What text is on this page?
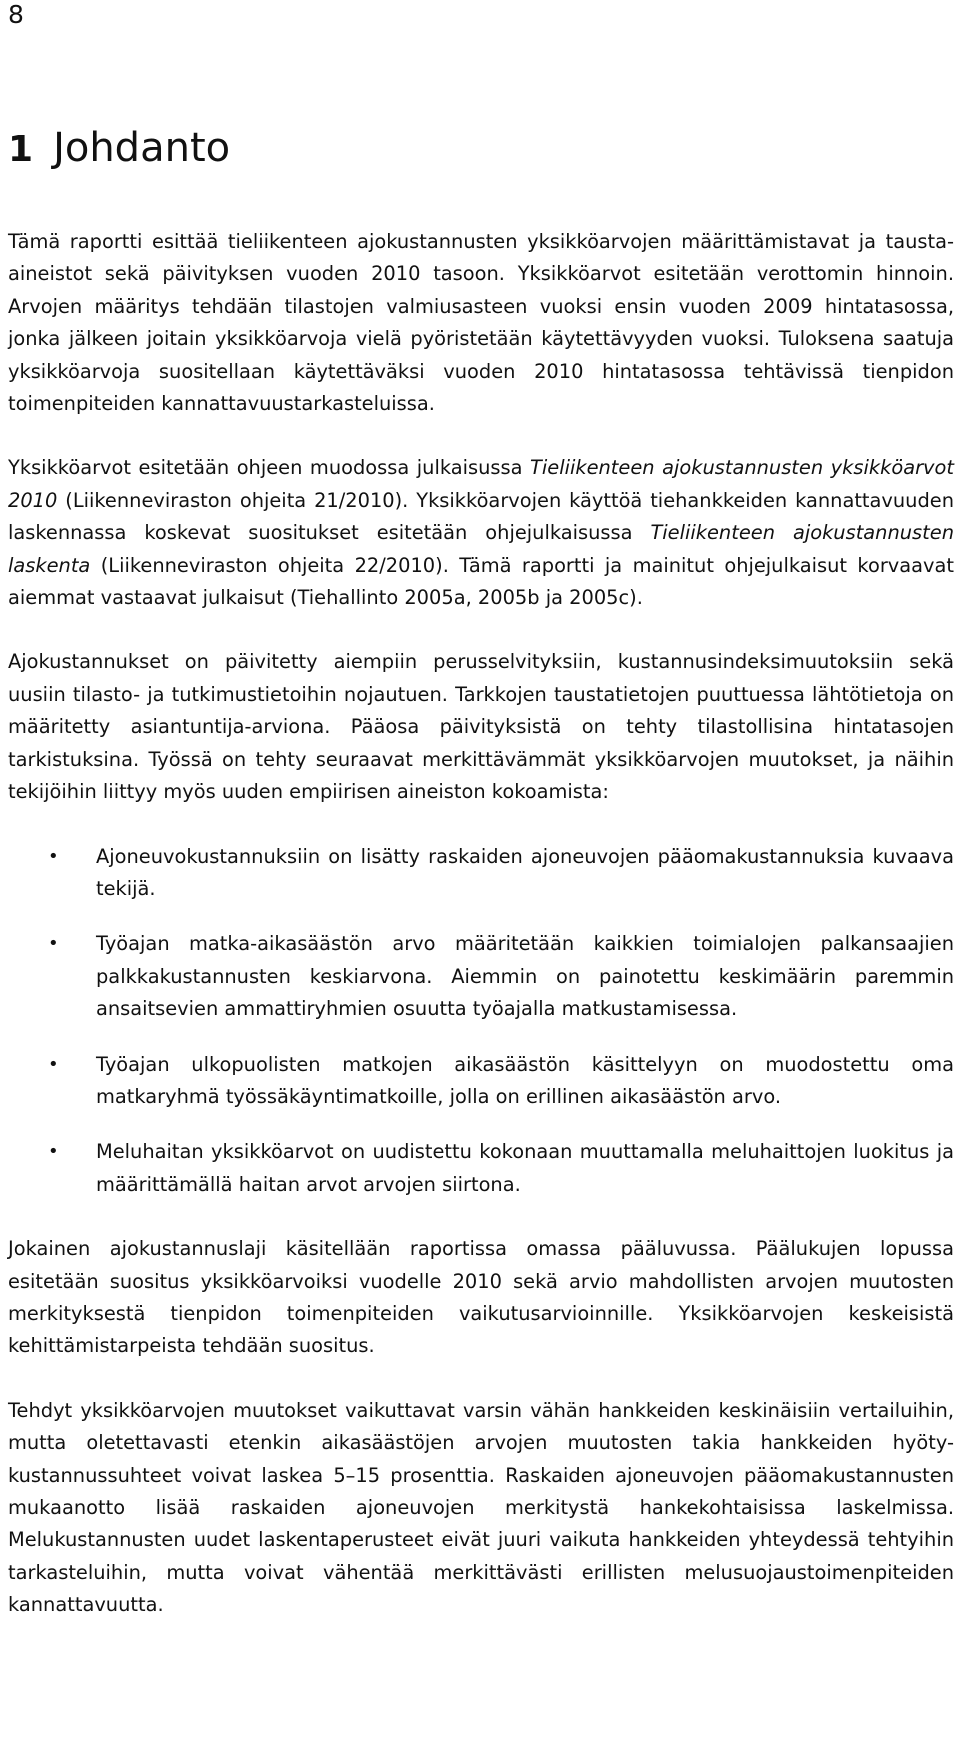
8
1 Johdanto

Tämä raportti esittää tieliikenteen ajokustannusten yksikköarvojen määrittämistavat ja tausta-aineistot sekä päivityksen vuoden 2010 tasoon. Yksikköarvot esitetään verottomin hinnoin. Arvojen määritys tehdään tilastojen valmiusasteen vuoksi ensin vuoden 2009 hintatasossa, jonka jälkeen joitain yksikköarvoja vielä pyöristetään käytettävyyden vuoksi. Tuloksena saatuja yksikköarvoja suositellaan käytettäväksi vuoden 2010 hintatasossa tehtävissä tienpidon toimenpiteiden kannattavuustarkasteluissa.

Yksikköarvot esitetään ohjeen muodossa julkaisussa Tieliikenteen ajokustannusten yksikköarvot 2010 (Liikenneviraston ohjeita 21/2010). Yksikköarvojen käyttöä tiehankkeiden kannattavuuden laskennassa koskevat suositukset esitetään ohjejulkaisussa Tieliikenteen ajokustannusten laskenta (Liikenneviraston ohjeita 22/2010). Tämä raportti ja mainitut ohjejulkaisut korvaavat aiemmat vastaavat julkaisut (Tiehallinto 2005a, 2005b ja 2005c).

Ajokustannukset on päivitetty aiempiin perusselvityksiin, kustannusindeksimuutoksiin sekä uusiin tilasto- ja tutkimustietoihin nojautuen. Tarkkojen taustatietojen puuttuessa lähtötietoja on määritetty asiantuntija-arviona. Pääosa päivityksistä on tehty tilastollisina hintatasojen tarkistuksina. Työssä on tehty seuraavat merkittävämmät yksikköarvojen muutokset, ja näihin tekijöihin liittyy myös uuden empiirisen aineiston kokoamista:

• Ajoneuvokustannuksiin on lisätty raskaiden ajoneuvojen pääomakustannuksia kuvaava tekijä.
• Työajan matka-aikasäästön arvo määritetään kaikkien toimialojen palkansaajien palkkakustannusten keskiarvona. Aiemmin on painotettu keskimäärin paremmin ansaitsevien ammattiryhmien osuutta työajalla matkustamisessa.
• Työajan ulkopuolisten matkojen aikasäästön käsittelyyn on muodostettu oma matkaryhmä työssäkäyntimatkoille, jolla on erillinen aikasäästön arvo.
• Meluhaitan yksikköarvot on uudistettu kokonaan muuttamalla meluhaittojen luokitus ja määrittämällä haitan arvot arvojen siirtona.

Jokainen ajokustannuslaji käsitellään raportissa omassa pääluvussa. Päälukujen lopussa esitetään suositus yksikköarvoiksi vuodelle 2010 sekä arvio mahdollisten arvojen muutosten merkityksestä tienpidon toimenpiteiden vaikutusarvioinnille. Yksikköarvojen keskeisistä kehittämistarpeista tehdään suositus.

Tehdyt yksikköarvojen muutokset vaikuttavat varsin vähän hankkeiden keskinäisiin vertailuihin, mutta oletettavasti etenkin aikasäästöjen arvojen muutosten takia hankkeiden hyöty-kustannussuhteet voivat laskea 5–15 prosenttia. Raskaiden ajoneuvojen pääomakustannusten mukaanotto lisää raskaiden ajoneuvojen merkitystä hankekohtaisissa laskelmissa. Melukustannusten uudet laskentaperusteet eivät juuri vaikuta hankkeiden yhteydessä tehtyihin tarkasteluihin, mutta voivat vähentää merkittävästi erillisten melusuojaustoimenpiteiden kannattavuutta.
